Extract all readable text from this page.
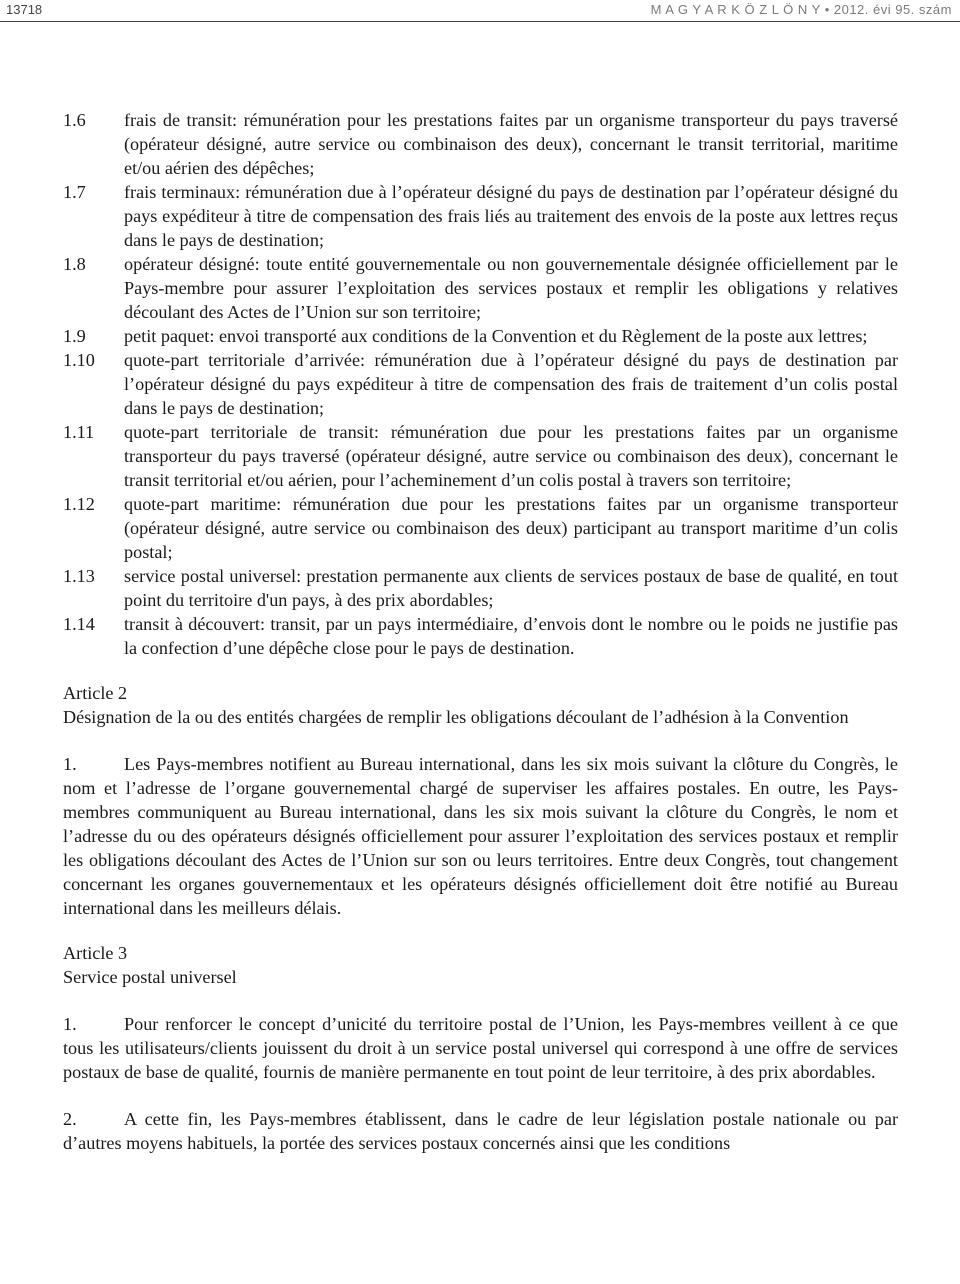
13718	M A G Y A R K Ö Z L Ö N Y • 2012. évi 95. szám
1.6	frais de transit: rémunération pour les prestations faites par un organisme transporteur du pays traversé (opérateur désigné, autre service ou combinaison des deux), concernant le transit territorial, maritime et/ou aérien des dépêches;
1.7	frais terminaux: rémunération due à l’opérateur désigné du pays de destination par l’opérateur désigné du pays expéditeur à titre de compensation des frais liés au traitement des envois de la poste aux lettres reçus dans le pays de destination;
1.8	opérateur désigné: toute entité gouvernementale ou non gouvernementale désignée officiellement par le Pays-membre pour assurer l’exploitation des services postaux et remplir les obligations y relatives découlant des Actes de l’Union sur son territoire;
1.9	petit paquet: envoi transporté aux conditions de la Convention et du Règlement de la poste aux lettres;
1.10	quote-part territoriale d’arrivée: rémunération due à l’opérateur désigné du pays de destination par l’opérateur désigné du pays expéditeur à titre de compensation des frais de traitement d’un colis postal dans le pays de destination;
1.11	quote-part territoriale de transit: rémunération due pour les prestations faites par un organisme transporteur du pays traversé (opérateur désigné, autre service ou combinaison des deux), concernant le transit territorial et/ou aérien, pour l’acheminement d’un colis postal à travers son territoire;
1.12	quote-part maritime: rémunération due pour les prestations faites par un organisme transporteur (opérateur désigné, autre service ou combinaison des deux) participant au transport maritime d’un colis postal;
1.13	service postal universel: prestation permanente aux clients de services postaux de base de qualité, en tout point du territoire d'un pays, à des prix abordables;
1.14	transit à découvert: transit, par un pays intermédiaire, d’envois dont le nombre ou le poids ne justifie pas la confection d’une dépêche close pour le pays de destination.
Article 2
Désignation de la ou des entités chargées de remplir les obligations découlant de l’adhésion à la Convention
1.	Les Pays-membres notifient au Bureau international, dans les six mois suivant la clôture du Congrès, le nom et l’adresse de l’organe gouvernemental chargé de superviser les affaires postales. En outre, les Pays-membres communiquent au Bureau international, dans les six mois suivant la clôture du Congrès, le nom et l’adresse du ou des opérateurs désignés officiellement pour assurer l’exploitation des services postaux et remplir les obligations découlant des Actes de l’Union sur son ou leurs territoires. Entre deux Congrès, tout changement concernant les organes gouvernementaux et les opérateurs désignés officiellement doit être notifié au Bureau international dans les meilleurs délais.
Article 3
Service postal universel
1.	Pour renforcer le concept d’unicité du territoire postal de l’Union, les Pays-membres veillent à ce que tous les utilisateurs/clients jouissent du droit à un service postal universel qui correspond à une offre de services postaux de base de qualité, fournis de manière permanente en tout point de leur territoire, à des prix abordables.
2.	A cette fin, les Pays-membres établissent, dans le cadre de leur législation postale nationale ou par d’autres moyens habituels, la portée des services postaux concernés ainsi que les conditions
